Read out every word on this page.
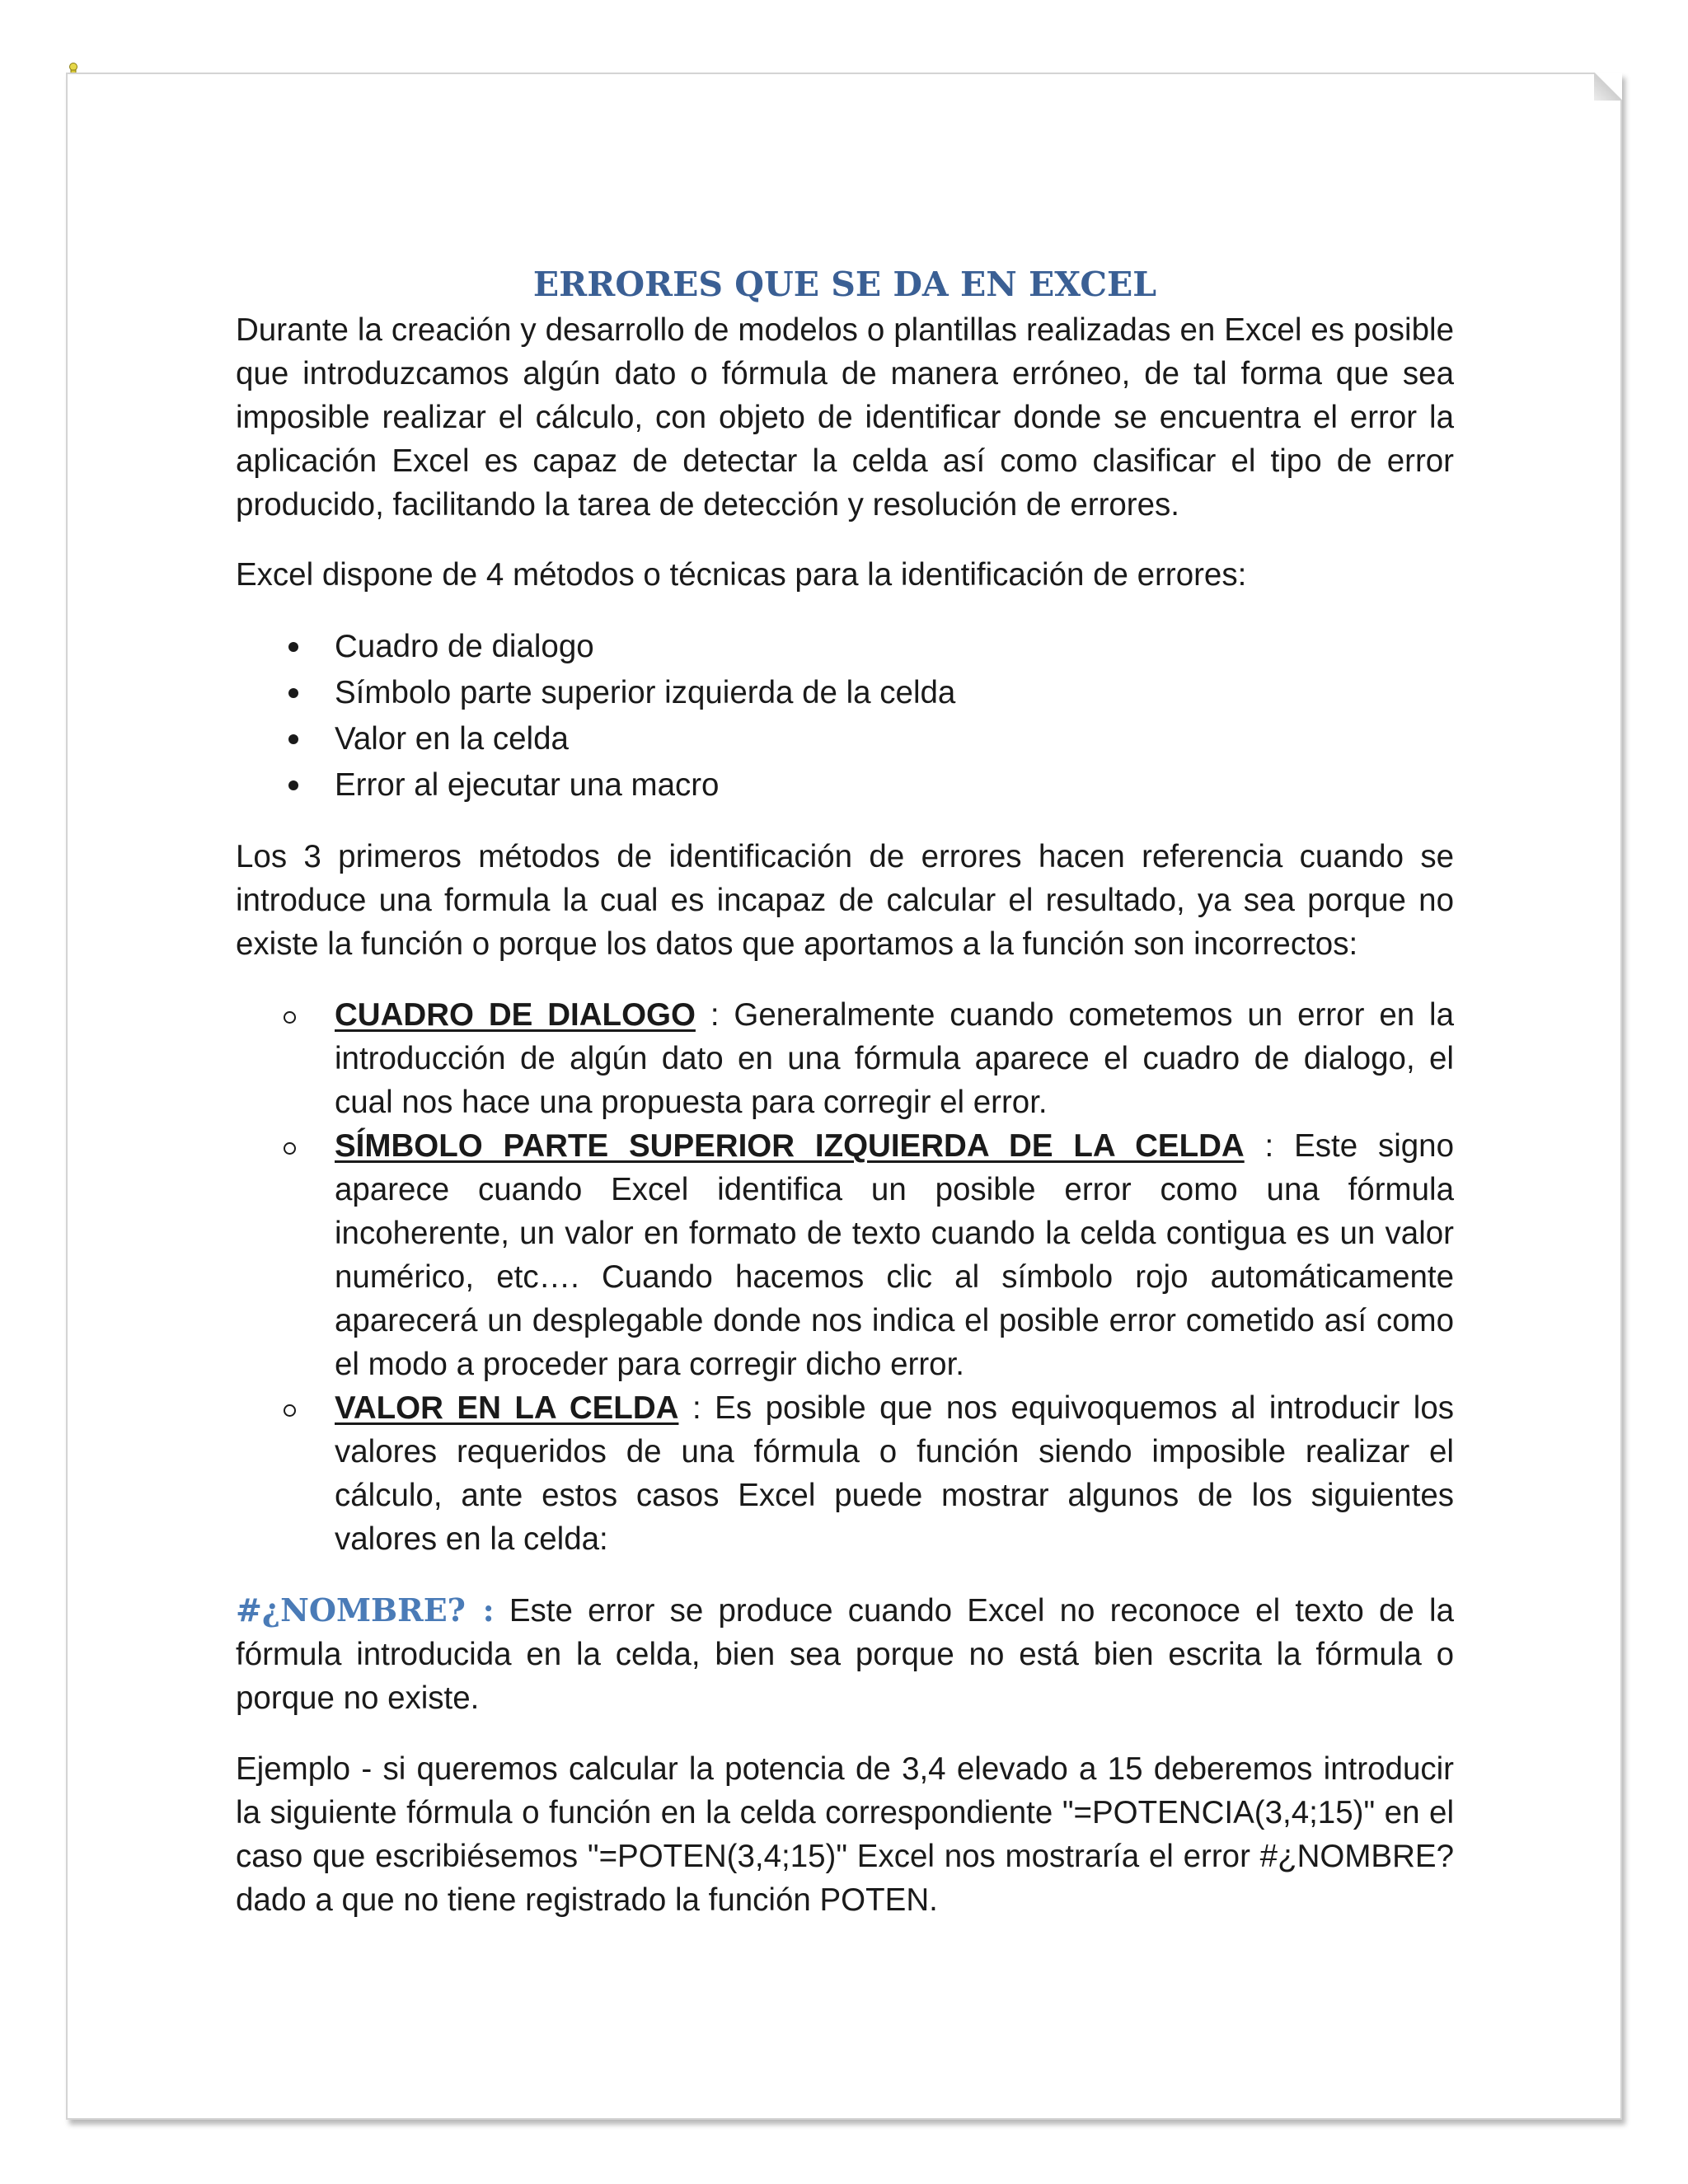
ERRORES QUE SE DA EN EXCEL

Durante la creación y desarrollo de modelos o plantillas realizadas en Excel es posible que introduzcamos algún dato o fórmula de manera erróneo, de tal forma que sea imposible realizar el cálculo, con objeto de identificar donde se encuentra el error la aplicación Excel es capaz de detectar la celda así como clasificar el tipo de error producido, facilitando la tarea de detección y resolución de errores.

Excel dispone de 4 métodos o técnicas para la identificación de errores:

Cuadro de dialogo
Símbolo parte superior izquierda de la celda
Valor en la celda
Error al ejecutar una macro

Los 3 primeros métodos de identificación de errores hacen referencia cuando se introduce una formula la cual es incapaz de calcular el resultado, ya sea porque no existe la función o porque los datos que aportamos a la función son incorrectos:

CUADRO DE DIALOGO : Generalmente cuando cometemos un error en la introducción de algún dato en una fórmula aparece el cuadro de dialogo, el cual nos hace una propuesta para corregir el error.
SÍMBOLO PARTE SUPERIOR IZQUIERDA DE LA CELDA : Este signo aparece cuando Excel identifica un posible error como una fórmula incoherente, un valor en formato de texto cuando la celda contigua es un valor numérico, etc…. Cuando hacemos clic al símbolo rojo automáticamente aparecerá un desplegable donde nos indica el posible error cometido así como el modo a proceder para corregir dicho error.
VALOR EN LA CELDA : Es posible que nos equivoquemos al introducir los valores requeridos de una fórmula o función siendo imposible realizar el cálculo, ante estos casos Excel puede mostrar algunos de los siguientes valores en la celda:

#¿NOMBRE? : Este error se produce cuando Excel no reconoce el texto de la fórmula introducida en la celda, bien sea porque no está bien escrita la fórmula o porque no existe.

Ejemplo - si queremos calcular la potencia de 3,4 elevado a 15 deberemos introducir la siguiente fórmula o función en la celda correspondiente "=POTENCIA(3,4;15)" en el caso que escribiésemos "=POTEN(3,4;15)" Excel nos mostraría el error #¿NOMBRE? dado a que no tiene registrado la función POTEN.
